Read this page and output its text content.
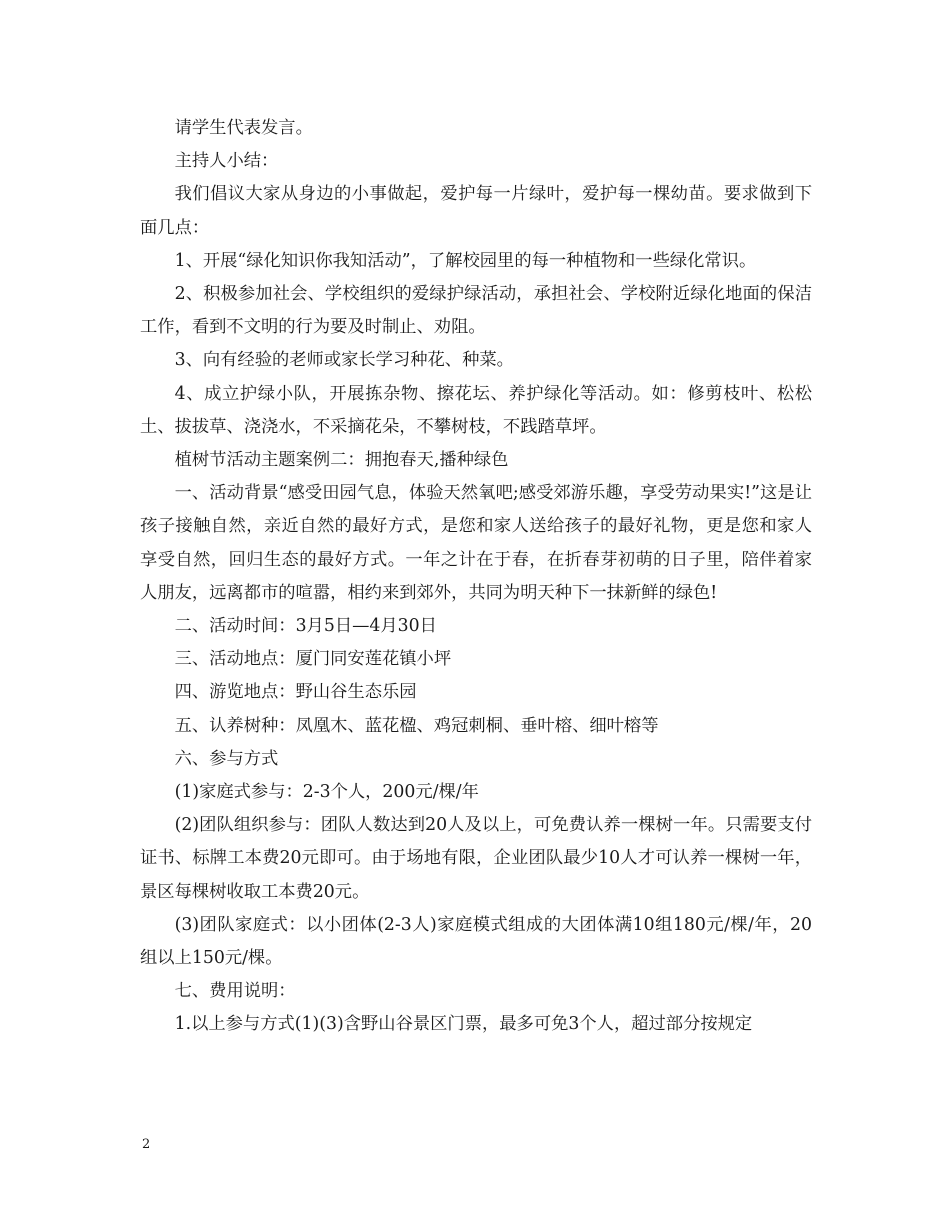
请学生代表发言。

主持人小结：

我们倡议大家从身边的小事做起，爱护每一片绿叶，爱护每一棵幼苗。要求做到下面几点：

1、开展“绿化知识你我知活动”，了解校园里的每一种植物和一些绿化常识。

2、积极参加社会、学校组织的爱绿护绿活动，承担社会、学校附近绿化地面的保洁工作，看到不文明的行为要及时制止、劝阻。

3、向有经验的老师或家长学习种花、种菜。

4、成立护绿小队，开展拣杂物、擦花坛、养护绿化等活动。如：修剪枝叶、松松土、拔拔草、浇浇水，不采摘花朵，不攀树枝，不践踏草坪。

植树节活动主题案例二：拥抱春天,播种绿色

一、活动背景“感受田园气息，体验天然氧吧;感受郊游乐趣，享受劳动果实!”这是让孩子接触自然，亲近自然的最好方式，是您和家人送给孩子的最好礼物，更是您和家人享受自然，回归生态的最好方式。一年之计在于春，在折春芽初萌的日子里，陪伴着家人朋友，远离都市的喧嚣，相约来到郊外，共同为明天种下一抹新鲜的绿色!

二、活动时间：3月5日—4月30日

三、活动地点：厦门同安莲花镇小坪

四、游览地点：野山谷生态乐园

五、认养树种：凤凰木、蓝花楹、鸡冠刺桐、垂叶榕、细叶榕等

六、参与方式

(1)家庭式参与：2-3个人，200元/棵/年

(2)团队组织参与：团队人数达到20人及以上，可免费认养一棵树一年。只需要支付证书、标牌工本费20元即可。由于场地有限，企业团队最少10人才可认养一棵树一年，景区每棵树收取工本费20元。

(3)团队家庭式：以小团体(2-3人)家庭模式组成的大团体满10组180元/棵/年，20组以上150元/棵。

七、费用说明：

1.以上参与方式(1)(3)含野山谷景区门票，最多可免3个人，超过部分按规定

2
